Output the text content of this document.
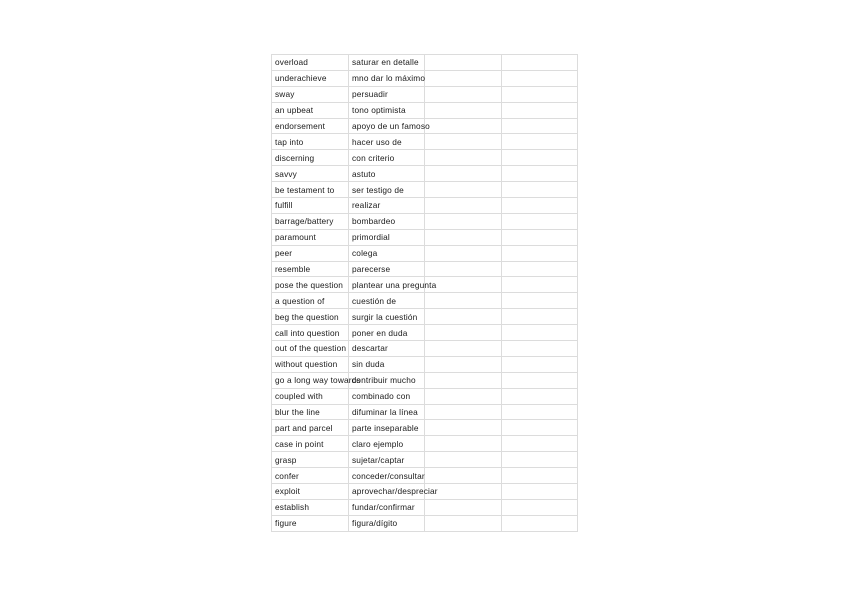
overload	saturar en detalle		
underachieve	mno dar lo máximo		
sway	persuadir		
an upbeat	tono optimista		
endorsement	apoyo de un famoso		
tap into	hacer uso de		
discerning	con criterio		
savvy	astuto		
be testament to	ser testigo de		
fulfill	realizar		
barrage/battery	bombardeo		
paramount	primordial		
peer	colega		
resemble	parecerse		
pose the question	plantear una pregunta		
a question of	cuestión de		
beg the question	surgir la cuestión		
call into question	poner en duda		
out of the question	descartar		
without question	sin duda		
go a long way towards	contribuir mucho		
coupled with	combinado con		
blur the line	difuminar la línea		
part and parcel	parte inseparable		
case in point	claro ejemplo		
grasp	sujetar/captar		
confer	conceder/consultar		
exploit	aprovechar/despreciar		
establish	fundar/confirmar		
figure	figura/dígito		
